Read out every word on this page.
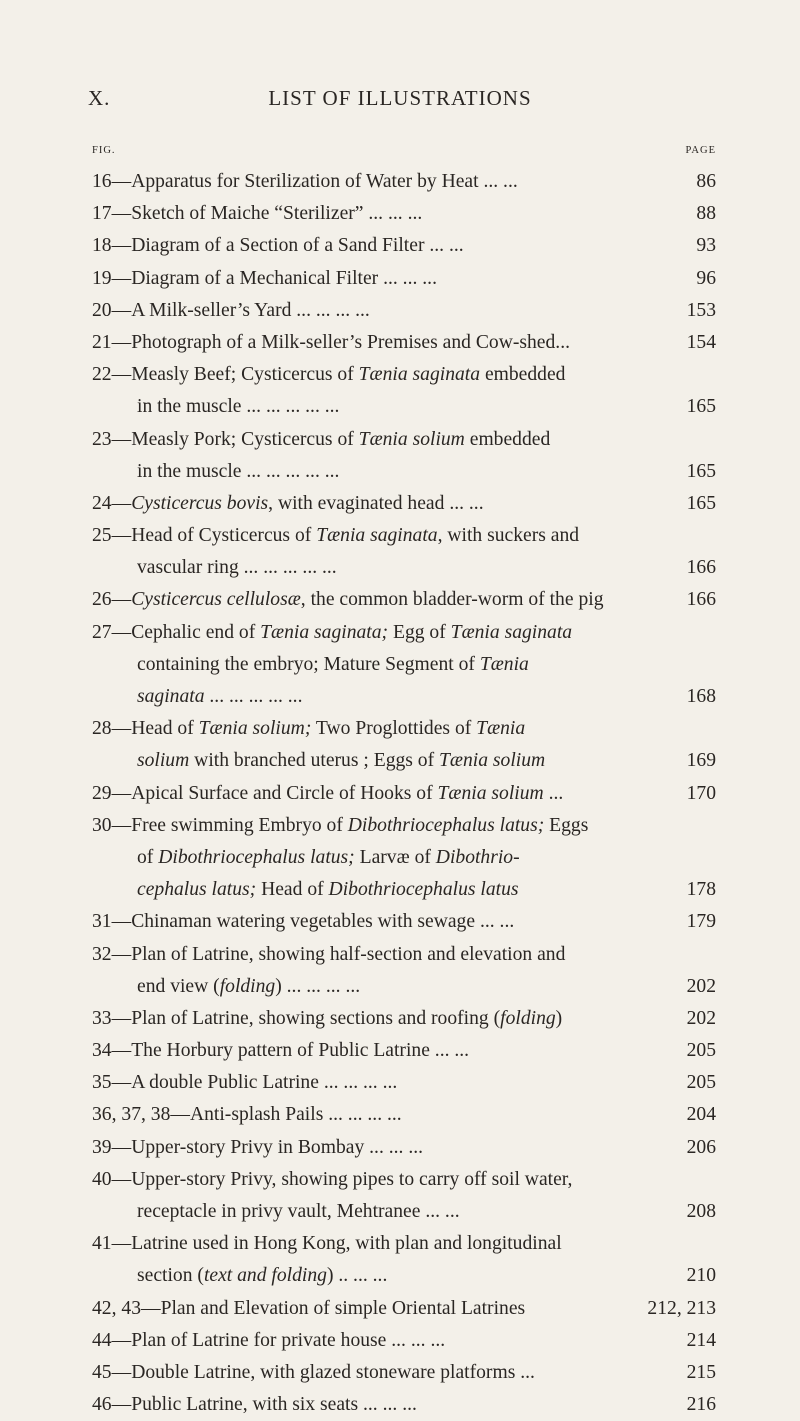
X.	LIST OF ILLUSTRATIONS
FIG.	PAGE
16—Apparatus for Sterilization of Water by Heat ... ...	86
17—Sketch of Maiche “Sterilizer” ... ... ...	88
18—Diagram of a Section of a Sand Filter ... ...	93
19—Diagram of a Mechanical Filter ... ... ...	96
20—A Milk-seller’s Yard ... ... ... ...	153
21—Photograph of a Milk-seller’s Premises and Cow-shed...	154
22—Measly Beef; Cysticercus of Tænia saginata embedded
in the muscle ... ... ... ... ...	165
23—Measly Pork; Cysticercus of Tænia solium embedded
in the muscle ... ... ... ... ...	165
24—Cysticercus bovis, with evaginated head ... ...	165
25—Head of Cysticercus of Tænia saginata, with suckers and
vascular ring ... ... ... ... ...	166
26—Cysticercus cellulosæ, the common bladder-worm of the pig	166
27—Cephalic end of Tænia saginata; Egg of Tænia saginata
containing the embryo; Mature Segment of Tænia
saginata ... ... ... ... ...	168
28—Head of Tænia solium; Two Proglottides of Tænia
solium with branched uterus ; Eggs of Tænia solium	169
29—Apical Surface and Circle of Hooks of Tænia solium ...	170
30—Free swimming Embryo of Dibothriocephalus latus; Eggs
of Dibothriocephalus latus; Larvæ of Dibothrio-
cephalus latus; Head of Dibothriocephalus latus	178
31—Chinaman watering vegetables with sewage ... ...	179
32—Plan of Latrine, showing half-section and elevation and
end view (folding) ... ... ... ...	202
33—Plan of Latrine, showing sections and roofing (folding)	202
34—The Horbury pattern of Public Latrine ... ...	205
35—A double Public Latrine ... ... ... ...	205
36, 37, 38—Anti-splash Pails ... ... ... ...	204
39—Upper-story Privy in Bombay ... ... ...	206
40—Upper-story Privy, showing pipes to carry off soil water,
receptacle in privy vault, Mehtranee ... ...	208
41—Latrine used in Hong Kong, with plan and longitudinal
section (text and folding) .. ... ...	210
42, 43—Plan and Elevation of simple Oriental Latrines	212, 213
44—Plan of Latrine for private house ... ... ...	214
45—Double Latrine, with glazed stoneware platforms ...	215
46—Public Latrine, with six seats ... ... ...	216
